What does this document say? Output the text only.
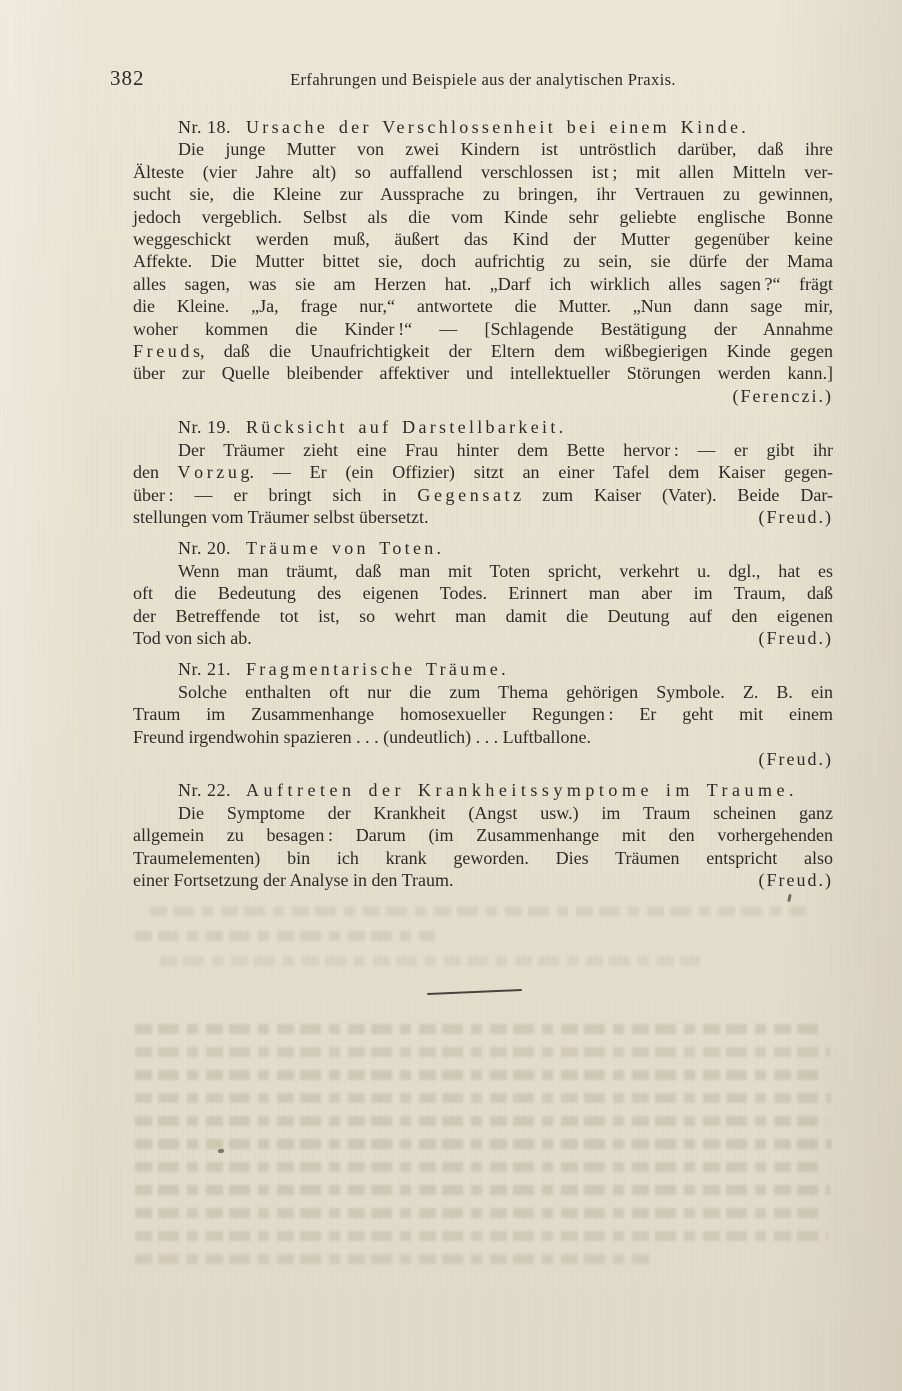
382	Erfahrungen und Beispiele aus der analytischen Praxis.
Nr. 18. Ursache der Verschlossenheit bei einem Kinde.
Die junge Mutter von zwei Kindern ist untröstlich darüber, daß ihre
Älteste (vier Jahre alt) so auffallend verschlossen ist ; mit allen Mitteln ver-
sucht sie, die Kleine zur Aussprache zu bringen, ihr Vertrauen zu gewinnen,
jedoch vergeblich. Selbst als die vom Kinde sehr geliebte englische Bonne
weggeschickt werden muß, äußert das Kind der Mutter gegenüber keine
Affekte. Die Mutter bittet sie, doch aufrichtig zu sein, sie dürfe der Mama
alles sagen, was sie am Herzen hat. „Darf ich wirklich alles sagen ?“ frägt
die Kleine. „Ja, frage nur,“ antwortete die Mutter. „Nun dann sage mir,
woher kommen die Kinder !“ — [Schlagende Bestätigung der Annahme
F r e u d s, daß die Unaufrichtigkeit der Eltern dem wißbegierigen Kinde gegen
über zur Quelle bleibender affektiver und intellektueller Störungen werden kann.]
(Ferenczi.)
Nr. 19. Rücksicht auf Darstellbarkeit.
Der Träumer zieht eine Frau hinter dem Bette hervor : — er gibt ihr
den V o r z u g. — Er (ein Offizier) sitzt an einer Tafel dem Kaiser gegen-
über : — er bringt sich in G e g e n s a t z zum Kaiser (Vater). Beide Dar-
stellungen vom Träumer selbst übersetzt.	(Freud.)
Nr. 20. Träume von Toten.
Wenn man träumt, daß man mit Toten spricht, verkehrt u. dgl., hat es
oft die Bedeutung des eigenen Todes. Erinnert man aber im Traum, daß
der Betreffende tot ist, so wehrt man damit die Deutung auf den eigenen
Tod von sich ab.	(Freud.)
Nr. 21. Fragmentarische Träume.
Solche enthalten oft nur die zum Thema gehörigen Symbole. Z. B. ein
Traum im Zusammenhange homosexueller Regungen : Er geht mit einem
Freund irgendwohin spazieren . . . (undeutlich) . . . Luftballone.
(Freud.)
Nr. 22. Auftreten der Krankheitssymptome im Traume.
Die Symptome der Krankheit (Angst usw.) im Traum scheinen ganz
allgemein zu besagen : Darum (im Zusammenhange mit den vorhergehenden
Traumelementen) bin ich krank geworden. Dies Träumen entspricht also
einer Fortsetzung der Analyse in den Traum.	(Freud.)
